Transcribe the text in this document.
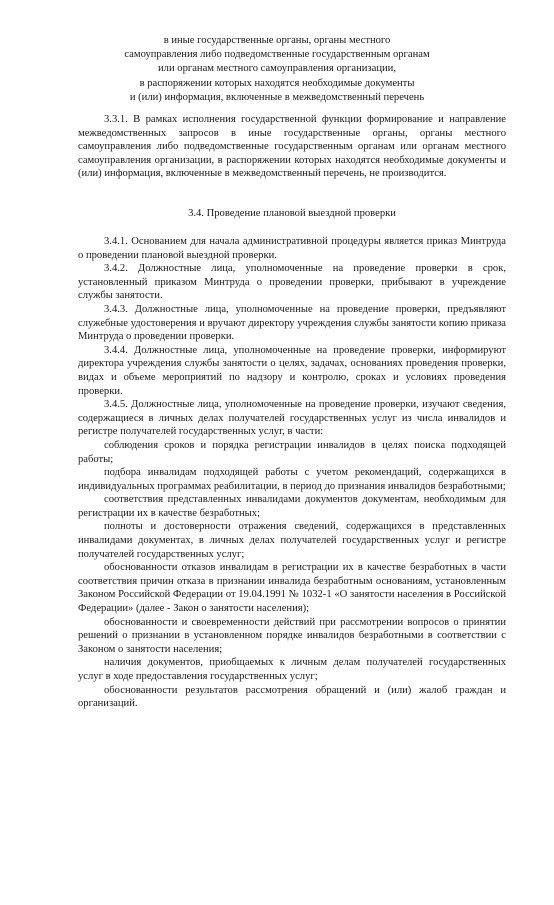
в иные государственные органы, органы местного
самоуправления либо подведомственные государственным органам
или органам местного самоуправления организации,
в распоряжении которых находятся необходимые документы
и (или) информация, включенные в межведомственный перечень

3.3.1. В рамках исполнения государственной функции формирование и направление межведомственных запросов в иные государственные органы, органы местного самоуправления либо подведомственные государственным органам или органам местного самоуправления организации, в распоряжении которых находятся необходимые документы и (или) информация, включенные в межведомственный перечень, не производится.

3.4. Проведение плановой выездной проверки

3.4.1. Основанием для начала административной процедуры является приказ Минтруда о проведении плановой выездной проверки.

3.4.2. Должностные лица, уполномоченные на проведение проверки в срок, установленный приказом Минтруда о проведении проверки, прибывают в учреждение службы занятости.

3.4.3. Должностные лица, уполномоченные на проведение проверки, предъявляют служебные удостоверения и вручают директору учреждения службы занятости копию приказа Минтруда о проведении проверки.

3.4.4. Должностные лица, уполномоченные на проведение проверки, информируют директора учреждения службы занятости о целях, задачах, основаниях проведения проверки, видах и объеме мероприятий по надзору и контролю, сроках и условиях проведения проверки.

3.4.5. Должностные лица, уполномоченные на проведение проверки, изучают сведения, содержащиеся в личных делах получателей государственных услуг из числа инвалидов и регистре получателей государственных услуг, в части:

соблюдения сроков и порядка регистрации инвалидов в целях поиска подходящей работы;

подбора инвалидам подходящей работы с учетом рекомендаций, содержащихся в индивидуальных программах реабилитации, в период до признания инвалидов безработными;

соответствия представленных инвалидами документов документам, необходимым для регистрации их в качестве безработных;

полноты и достоверности отражения сведений, содержащихся в представленных инвалидами документах, в личных делах получателей государственных услуг и регистре получателей государственных услуг;

обоснованности отказов инвалидам в регистрации их в качестве безработных в части соответствия причин отказа в признании инвалида безработным основаниям, установленным Законом Российской Федерации от 19.04.1991 № 1032-1 «О занятости населения в Российской Федерации» (далее - Закон о занятости населения);

обоснованности и своевременности действий при рассмотрении вопросов о принятии решений о признании в установленном порядке инвалидов безработными в соответствии с Законом о занятости населения;

наличия документов, приобщаемых к личным делам получателей государственных услуг в ходе предоставления государственных услуг;

обоснованности результатов рассмотрения обращений и (или) жалоб граждан и организаций.
